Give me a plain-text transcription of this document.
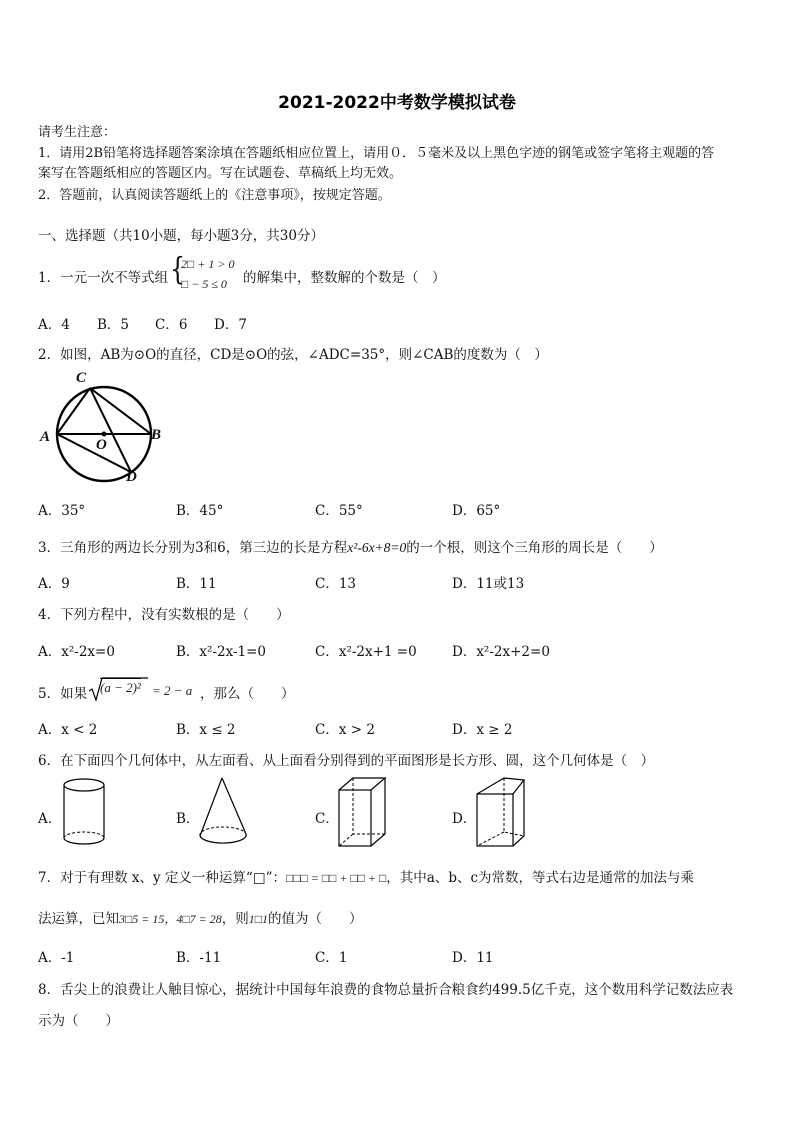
2021-2022中考数学模拟试卷
请考生注意：
1．请用2B铅笔将选择题答案涂填在答题纸相应位置上，请用０．５毫米及以上黑色字迹的钢笔或签字笔将主观题的答
案写在答题纸相应的答题区内。写在试题卷、草稿纸上均无效。
2．答题前，认真阅读答题纸上的《注意事项》，按规定答题。
一、选择题（共10小题，每小题3分，共30分）
1．一元一次不等式组 {
2□ + 1 > 0
□ − 5 ≤ 0 的解集中，整数解的个数是（　）
A．4 B．5 C．6 D．7
2．如图，AB为⊙O的直径，CD是⊙O的弦，∠ADC=35°，则∠CAB的度数为（　）
C
A	B
O
D
A．35°	B．45°	C．55°	D．65°
3．三角形的两边长分别为3和6，第三边的长是方程x²-6x+8=0的一个根，则这个三角形的周长是（　　）
A．9	B．11	C．13	D．11或13
4．下列方程中，没有实数根的是（　　）
A．x²-2x=0	B．x²-2x-1=0	C．x²-2x+1 =0	D．x²-2x+2=0
5．如果 (a − 2)² = 2 − a ，那么（　　）
A．x < 2	B．x ≤ 2	C．x > 2	D．x ≥ 2
6．在下面四个几何体中，从左面看、从上面看分别得到的平面图形是长方形、圆，这个几何体是（　）
A．	B．	C．	D．
7．对于有理数 x、y 定义一种运算“□”：□□□ = □□ + □□ + □，其中a、b、c为常数，等式右边是通常的加法与乘
法运算，已知3□5 = 15，4□7 = 28，则1□1的值为（　　）
A．-1	B．-11	C．1	D．11
8．舌尖上的浪费让人触目惊心，据统计中国每年浪费的食物总量折合粮食约499.5亿千克，这个数用科学记数法应表
示为（　　）
